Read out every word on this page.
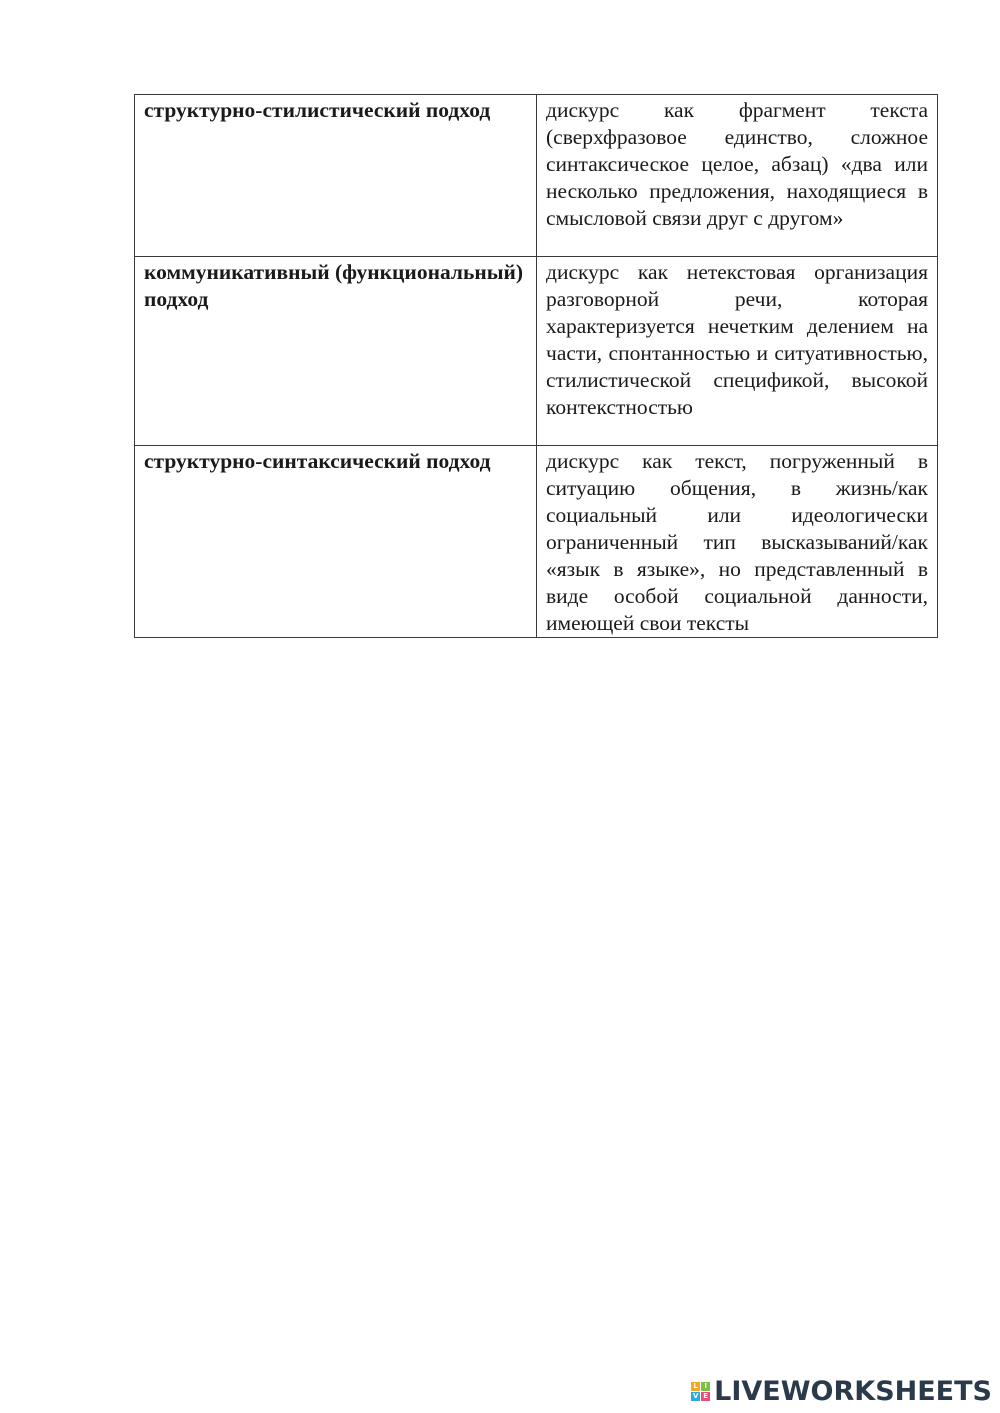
структурно-стилистический подход	дискурс как фрагмент текста (сверхфразовое единство, сложное синтаксическое целое, абзац) «два или несколько предложения, находящиеся в смысловой связи друг с другом»
коммуникативный (функциональный) подход	дискурс как нетекстовая организация разговорной речи, которая характеризуется нечетким делением на части, спонтанностью и ситуативностью, стилистической спецификой, высокой контекстностью
структурно-синтаксический подход	дискурс как текст, погруженный в ситуацию общения, в жизнь/как социальный или идеологически ограниченный тип высказываний/как «язык в языке», но представленный в виде особой социальной данности, имеющей свои тексты
L I
V E LIVEWORKSHEETS
